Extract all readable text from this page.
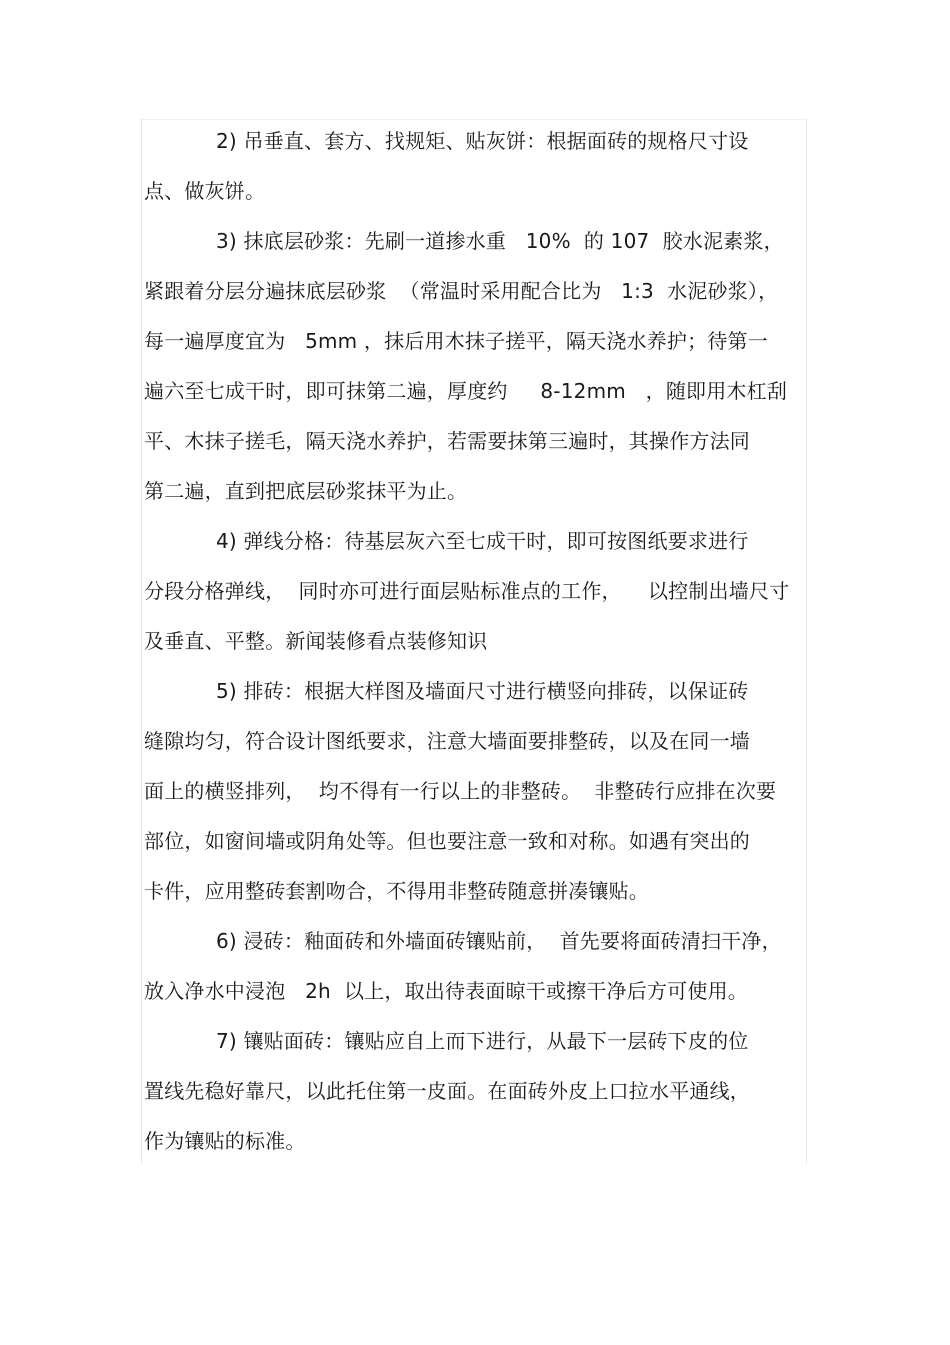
2) 吊垂直、套方、找规矩、贴灰饼：根据面砖的规格尺寸设
点、做灰饼。
3) 抹底层砂浆：先刷一道掺水重   10%  的 107  胶水泥素浆，
紧跟着分层分遍抹底层砂浆  （常温时采用配合比为   1:3  水泥砂浆），
每一遍厚度宜为   5mm ，抹后用木抹子搓平，隔天浇水养护；待第一
遍六至七成干时，即可抹第二遍，厚度约     8-12mm   ，随即用木杠刮
平、木抹子搓毛，隔天浇水养护，若需要抹第三遍时，其操作方法同
第二遍，直到把底层砂浆抹平为止。
4) 弹线分格：待基层灰六至七成干时，即可按图纸要求进行
分段分格弹线，  同时亦可进行面层贴标准点的工作，    以控制出墙尺寸
及垂直、平整。新闻装修看点装修知识
5) 排砖：根据大样图及墙面尺寸进行横竖向排砖，以保证砖
缝隙均匀，符合设计图纸要求，注意大墙面要排整砖，以及在同一墙
面上的横竖排列，  均不得有一行以上的非整砖。  非整砖行应排在次要
部位，如窗间墙或阴角处等。但也要注意一致和对称。如遇有突出的
卡件，应用整砖套割吻合，不得用非整砖随意拼凑镶贴。
6) 浸砖：釉面砖和外墙面砖镶贴前，  首先要将面砖清扫干净，
放入净水中浸泡   2h  以上，取出待表面晾干或擦干净后方可使用。
7) 镶贴面砖：镶贴应自上而下进行，从最下一层砖下皮的位
置线先稳好靠尺，以此托住第一皮面。在面砖外皮上口拉水平通线，
作为镶贴的标准。
